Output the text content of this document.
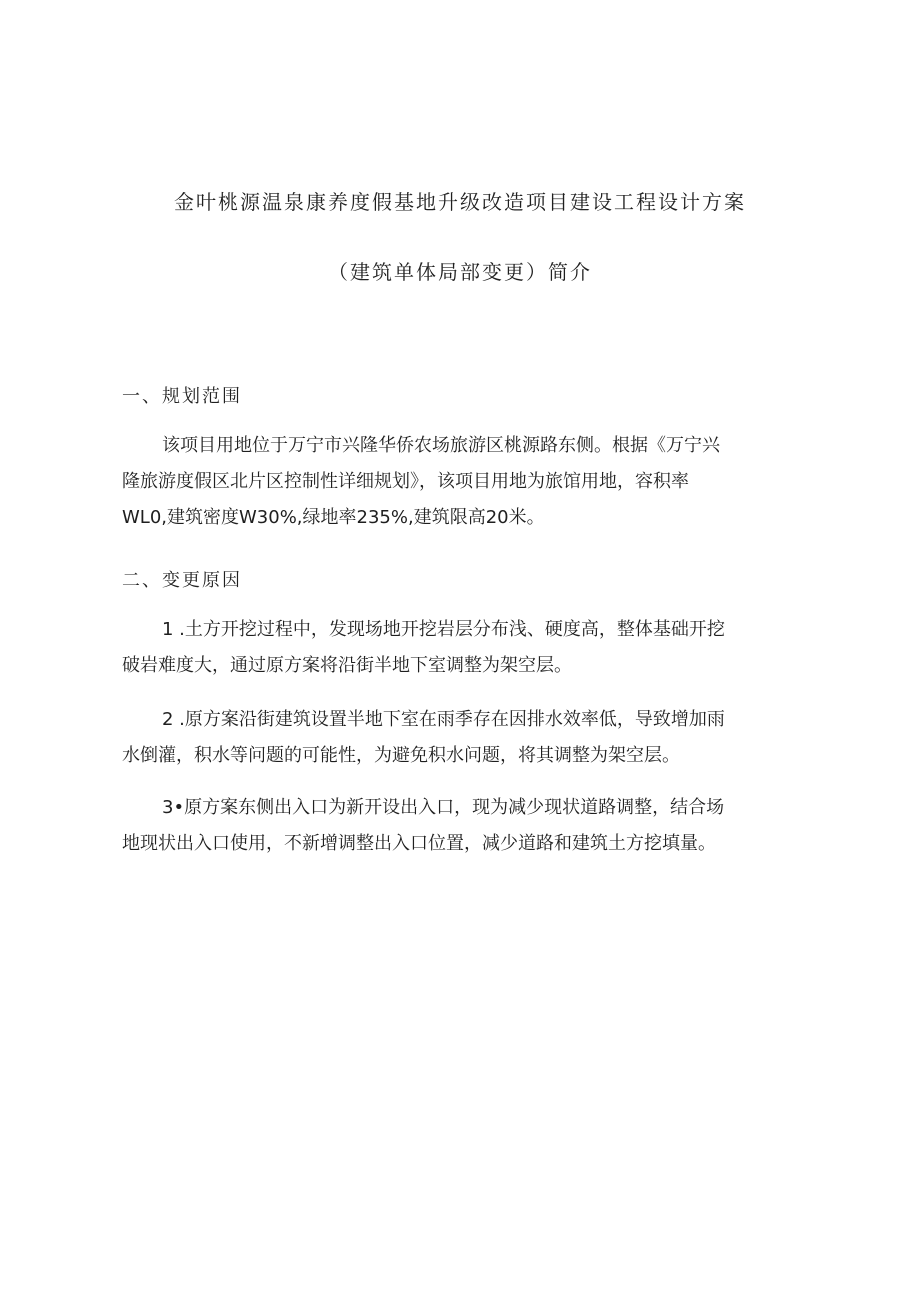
金叶桃源温泉康养度假基地升级改造项目建设工程设计方案
（建筑单体局部变更）简介
一、规划范围

该项目用地位于万宁市兴隆华侨农场旅游区桃源路东侧。根据《万宁兴
隆旅游度假区北片区控制性详细规划》，该项目用地为旅馆用地，容积率
WL0,建筑密度W30%,绿地率235%,建筑限高20米。

二、变更原因

1 .土方开挖过程中，发现场地开挖岩层分布浅、硬度高，整体基础开挖
破岩难度大，通过原方案将沿街半地下室调整为架空层。

2 .原方案沿街建筑设置半地下室在雨季存在因排水效率低，导致增加雨
水倒灌，积水等问题的可能性，为避免积水问题，将其调整为架空层。

3•原方案东侧出入口为新开设出入口，现为减少现状道路调整，结合场
地现状出入口使用，不新增调整出入口位置，减少道路和建筑土方挖填量。
